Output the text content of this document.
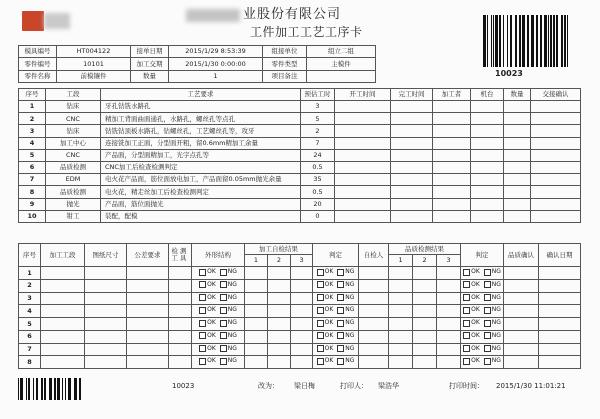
业股份有限公司
工件加工工艺工序卡
10023
模具编号	HT004122	接单日期	2015/1/29 8:53:39	组接单位	组立二组
零件编号	10101	加工交期	2015/1/30 0:00:00	零件类型	主模件
零件名称	前模镶件	数量	1	项目备注	
序号	工段	工艺要求	预估工时	开工时间	完工时间	加工者	机台	数量	交接确认
1	钻床	牙孔钻铣水路孔	3						
2	CNC	精加工背面曲面通孔，水路孔，螺丝孔等点孔	5						
3	钻床	钻铣钻顶板水路孔，钻螺丝孔，工艺螺丝孔等，攻牙	2						
4	加工中心	连接铣加工正面，分型面开粗，留0.6mm精加工余量	7						
5	CNC	产品面，分型面精加工，光字点孔等	24						
6	品质检测	CNC加工后检查检测判定	0.5						
7	EDM	电火花产品面，筋位面放电加工，产品面留0.05mm抛光余量	35						
8	品质检测	电火花，精走丝加工后检查检测判定	0.5						
9	抛光	产品面，筋位面抛光	20						
10	钳工	装配，配模	0						
序号	加工工段	图纸尺寸	公差要求	检测工具	外形结构	加工自检结果			判定	自检人	品质检测结果			判定	品质确认	确认日期
						1	2	3			1	2	3			
1					OK NG				OK NG					OK NG		

2					OK NG				OK NG					OK NG		

3					OK NG				OK NG					OK NG		

4					OK NG				OK NG					OK NG		

5					OK NG				OK NG					OK NG		

6					OK NG				OK NG					OK NG		

7					OK NG				OK NG					OK NG		

8					OK NG				OK NG					OK NG		

10023	改为： 梁日梅	打印人： 梁浩华	打印时间： 2015/1/30 11:01:21
